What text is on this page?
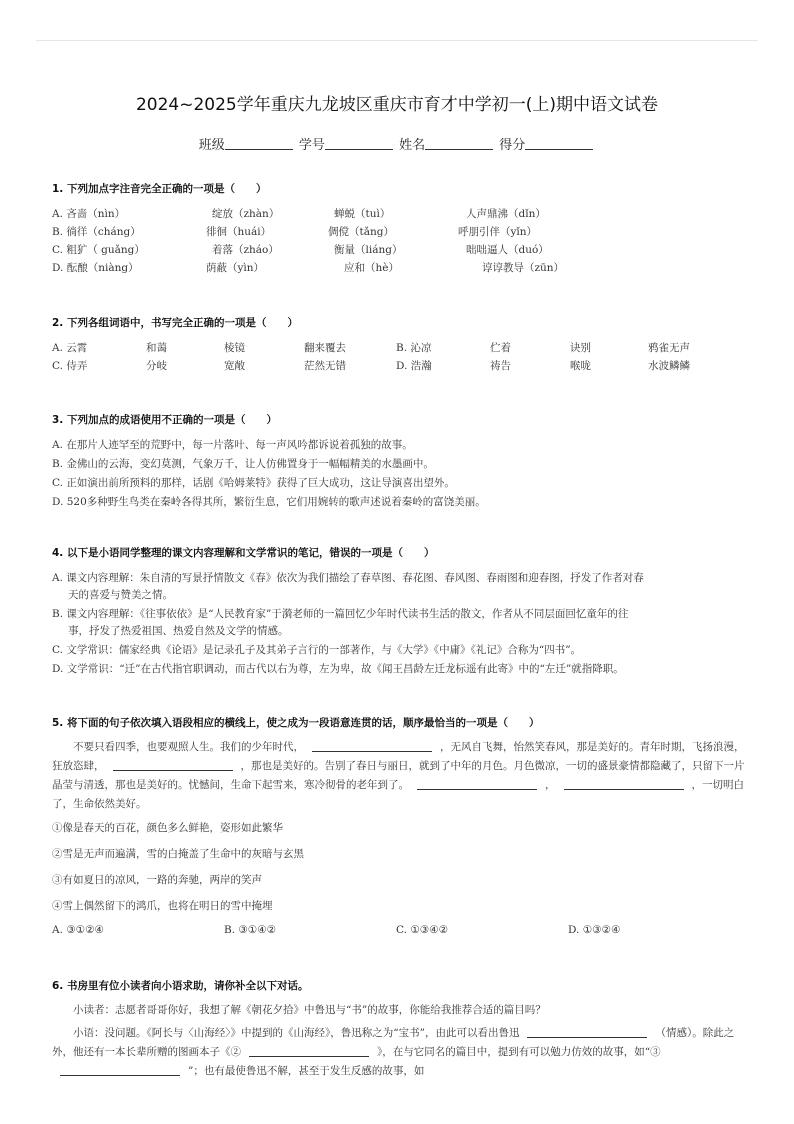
2024~2025学年重庆九龙坡区重庆市育才中学初一(上)期中语文试卷
班级	学号	姓名	得分
1. 下列加点字注音完全正确的一项是（　　）
A. 吝啬（nìn）	绽放（zhàn）	蝉蜕（tuì）	人声鼎沸（dǐn）
B. 徜徉（cháng）	徘徊（huái）	倜傥（tǎng）	呼朋引伴（yǐn）
C. 粗犷（ guǎng）	着落（zháo）	衡量（liáng）	咄咄逼人（duó）
D. 酝酿（niàng）	荫蔽（yìn）	应和（hè）	谆谆教导（zūn）
2. 下列各组词语中，书写完全正确的一项是（　　）
A. 云霄	和蔼	棱镜	翻来覆去	B. 沁凉	伫着	诀别	鸦雀无声
C. 侍弄	分岐	宽敞	茫然无错	D. 浩瀚	祷告	喉咙	水波鳞鳞
3. 下列加点的成语使用不正确的一项是（　　）
A. 在那片人迹罕至的荒野中，每一片落叶、每一声风吟都诉说着孤独的故事。
B. 金佛山的云海，变幻莫测，气象万千，让人仿佛置身于一幅幅精美的水墨画中。
C. 正如演出前所预料的那样，话剧《哈姆莱特》获得了巨大成功，这让导演喜出望外。
D. 520多种野生鸟类在秦岭各得其所，繁衍生息，它们用婉转的歌声述说着秦岭的富饶美丽。
4. 以下是小语同学整理的课文内容理解和文学常识的笔记，错误的一项是（　　）
A. 课文内容理解：朱自清的写景抒情散文《春》依次为我们描绘了春草图、春花图、春风图、春雨图和迎春图，抒发了作者对春
天的喜爱与赞美之情。
B. 课文内容理解：《往事依依》是“人民教育家”于漪老师的一篇回忆少年时代读书生活的散文，作者从不同层面回忆童年的往
事，抒发了热爱祖国、热爱自然及文学的情感。
C. 文学常识：儒家经典《论语》是记录孔子及其弟子言行的一部著作，与《大学》《中庸》《礼记》合称为“四书”。
D. 文学常识：“迁”在古代指官职调动，而古代以右为尊，左为卑，故《闻王昌龄左迁龙标遥有此寄》中的“左迁”就指降职。
5. 将下面的句子依次填入语段相应的横线上，使之成为一段语意连贯的话，顺序最恰当的一项是（　　）

　　不要只看四季，也要观照人生。我们的少年时代，	，无风自飞舞，怡然笑春风，那是美好的。青年时期，飞扬浪漫，狂放恣肆，	，那也是美好的。告别了春日与丽日，就到了中年的月色。月色微凉，一切的盛景豪情都隐藏了，只留下一片晶莹与清透，那也是美好的。忧憾间，生命下起雪来，寒冷彻骨的老年到了。	，	，一切明白了，生命依然美好。

①像是春天的百花，颜色多么鲜艳，姿形如此繁华
②雪是无声而遍满，雪的白掩盖了生命中的灰暗与玄黑
③有如夏日的凉风，一路的奔驰，两岸的笑声
④雪上偶然留下的鸿爪，也将在明日的雪中掩埋
A. ③①②④	B. ③①④②	C. ①③④②	D. ①③②④
6. 书房里有位小读者向小语求助，请你补全以下对话。

　　小读者：志愿者哥哥你好，我想了解《朝花夕拾》中鲁迅与“书”的故事，你能给我推荐合适的篇目吗？

　　小语：没问题。《阿长与〈山海经〉》中提到的《山海经》，鲁迅称之为“宝书”，由此可以看出鲁迅	（情感）。除此之外，他还有一本长辈所赠的图画本子《②	》，在与它同名的篇目中，提到有可以勉力仿效的故事，如“③”；也有最使鲁迅不解，甚至于发生反感的故事，如
